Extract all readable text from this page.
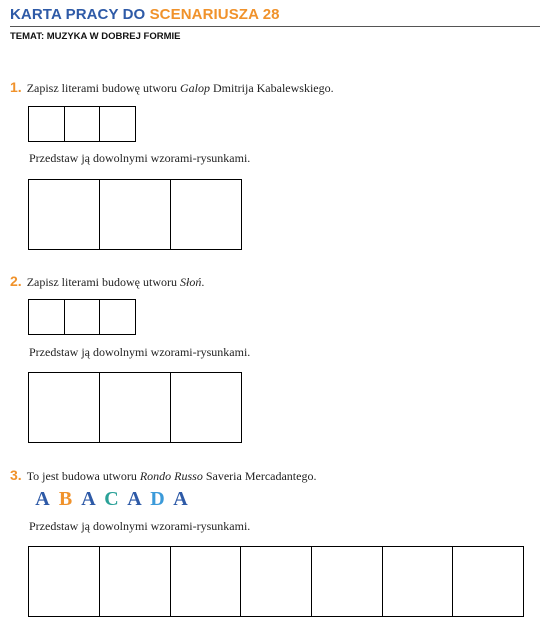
KARTA PRACY DO SCENARIUSZA 28
TEMAT: MUZYKA W DOBREJ FORMIE
1. Zapisz literami budowę utworu Galop Dmitrija Kabalewskiego.
Przedstaw ją dowolnymi wzorami-rysunkami.
2. Zapisz literami budowę utworu Słoń.
Przedstaw ją dowolnymi wzorami-rysunkami.
3. To jest budowa utworu Rondo Russo Saveria Mercadantego.
A B A C A D A
Przedstaw ją dowolnymi wzorami-rysunkami.
